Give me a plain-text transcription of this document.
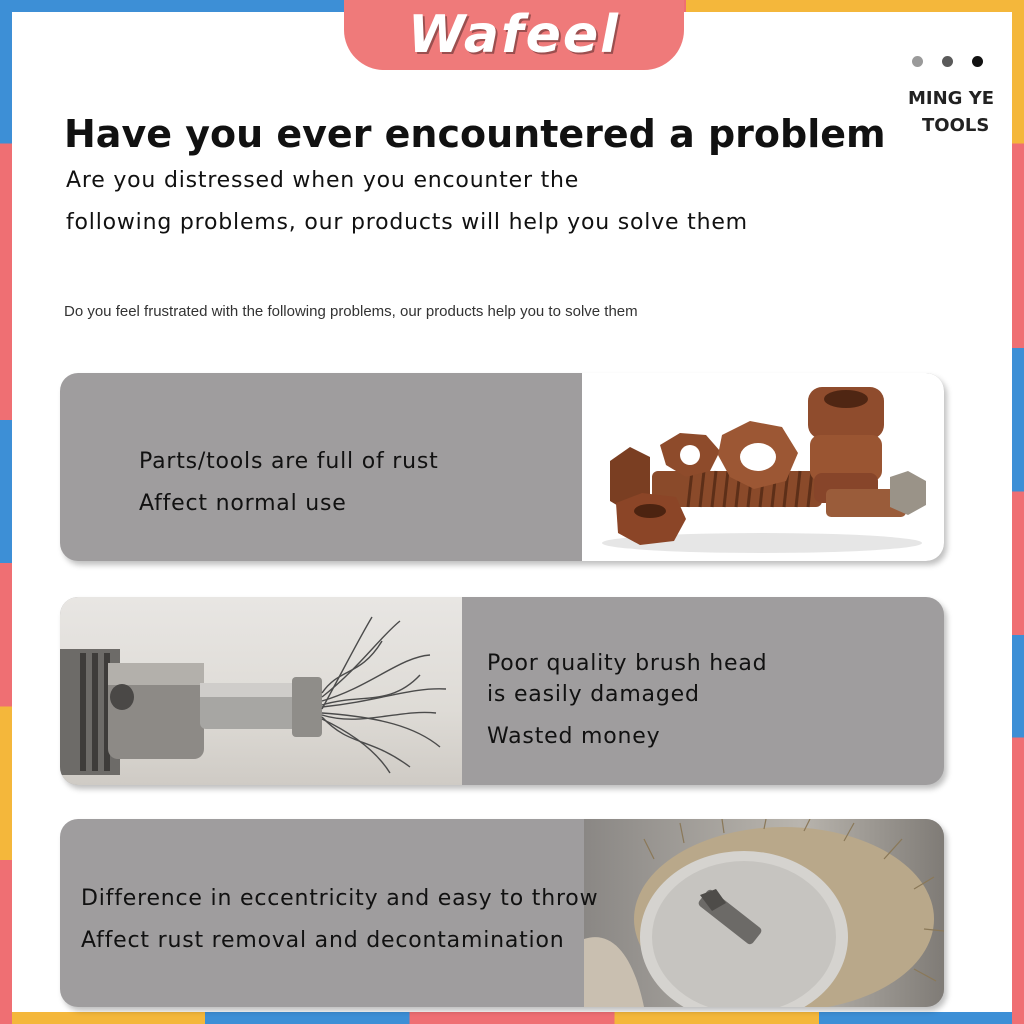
Wafeel
MING YE
TOOLS
Have you ever encountered a problem
Are you distressed when you encounter the
following problems, our products will help you solve them
Do you feel frustrated with the following problems, our products help you to solve them
Parts/tools are full of rust
Affect normal use
Poor quality brush head
is easily damaged
Wasted money
Difference in eccentricity and easy to throw
Affect rust removal and decontamination
